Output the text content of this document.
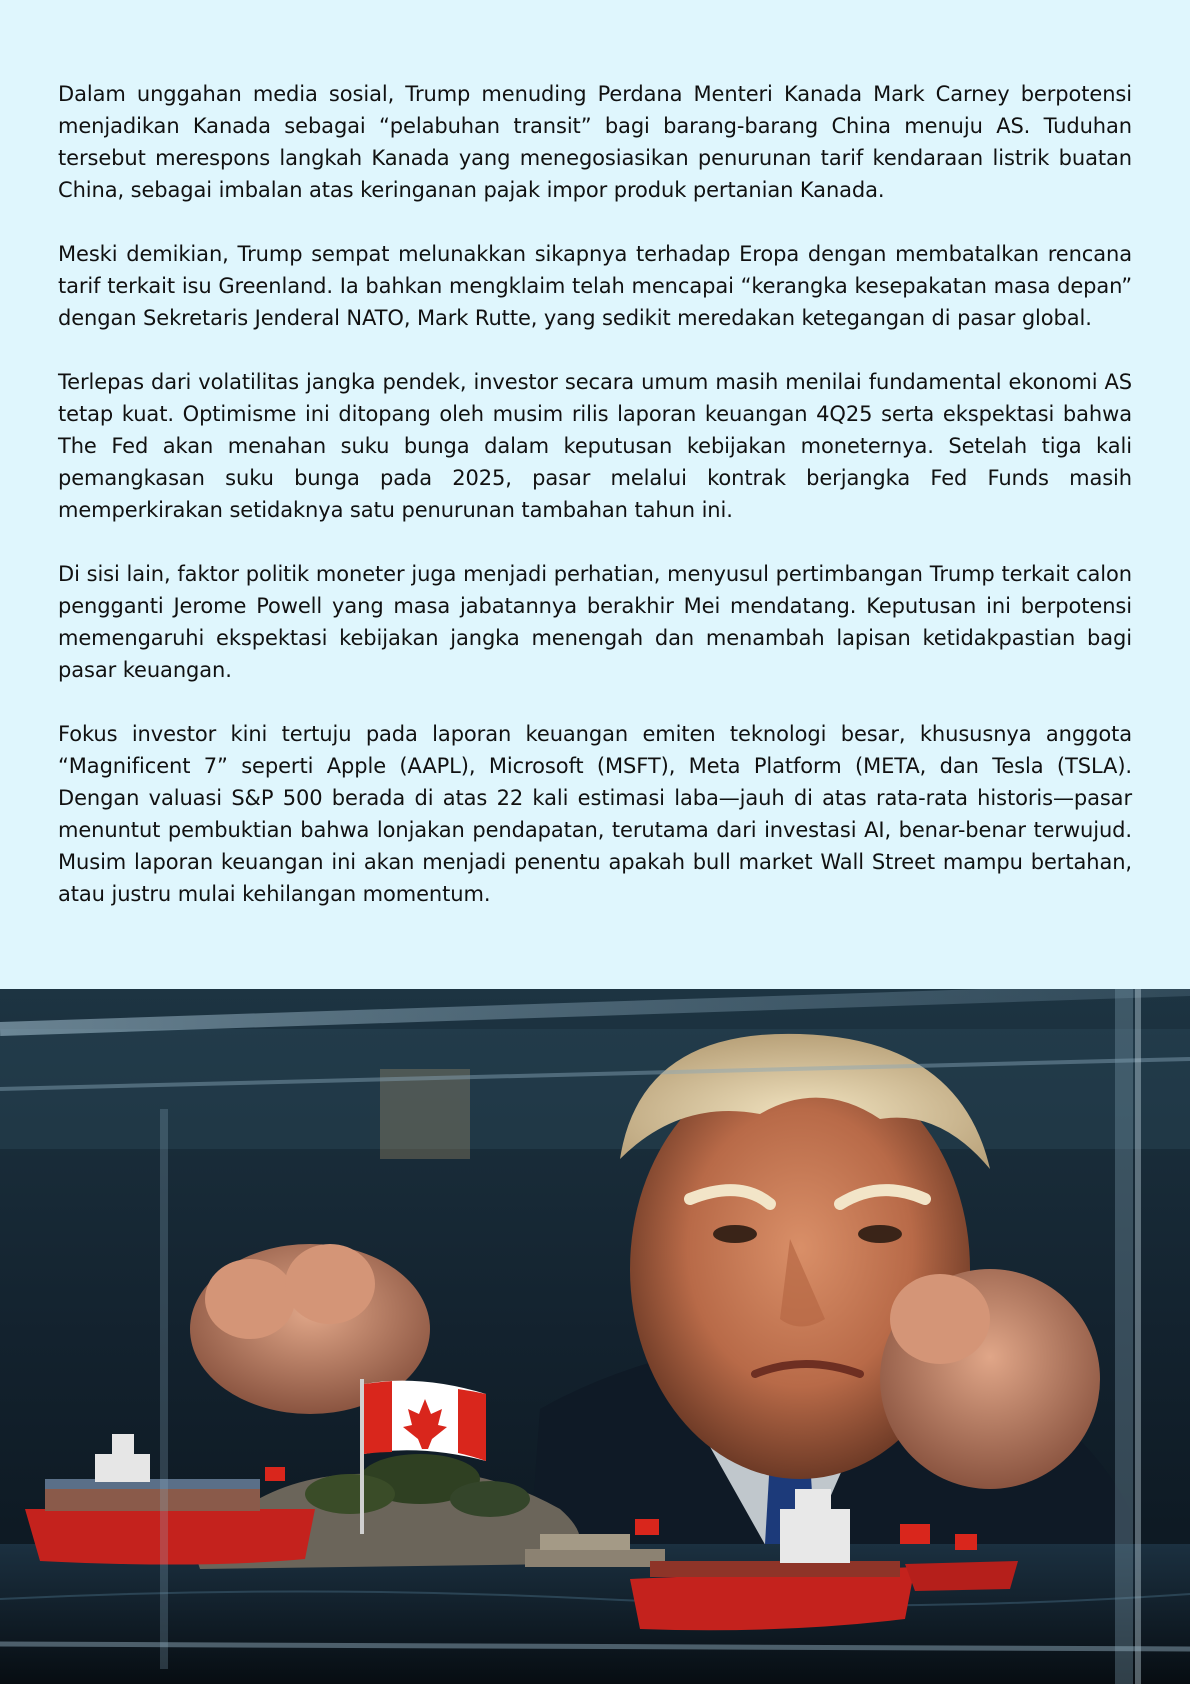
Dalam unggahan media sosial, Trump menuding Perdana Menteri Kanada Mark Carney berpotensi menjadikan Kanada sebagai “pelabuhan transit” bagi barang-barang China menuju AS. Tuduhan tersebut merespons langkah Kanada yang menegosiasikan penurunan tarif kendaraan listrik buatan China, sebagai imbalan atas keringanan pajak impor produk pertanian Kanada.

Meski demikian, Trump sempat melunakkan sikapnya terhadap Eropa dengan membatalkan rencana tarif terkait isu Greenland. Ia bahkan mengklaim telah mencapai “kerangka kesepakatan masa depan” dengan Sekretaris Jenderal NATO, Mark Rutte, yang sedikit meredakan ketegangan di pasar global.

Terlepas dari volatilitas jangka pendek, investor secara umum masih menilai fundamental ekonomi AS tetap kuat. Optimisme ini ditopang oleh musim rilis laporan keuangan 4Q25 serta ekspektasi bahwa The Fed akan menahan suku bunga dalam keputusan kebijakan moneternya. Setelah tiga kali pemangkasan suku bunga pada 2025, pasar melalui kontrak berjangka Fed Funds masih memperkirakan setidaknya satu penurunan tambahan tahun ini.

Di sisi lain, faktor politik moneter juga menjadi perhatian, menyusul pertimbangan Trump terkait calon pengganti Jerome Powell yang masa jabatannya berakhir Mei mendatang. Keputusan ini berpotensi memengaruhi ekspektasi kebijakan jangka menengah dan menambah lapisan ketidakpastian bagi pasar keuangan.

Fokus investor kini tertuju pada laporan keuangan emiten teknologi besar, khususnya anggota “Magnificent 7” seperti Apple (AAPL), Microsoft (MSFT), Meta Platform (META, dan Tesla (TSLA). Dengan valuasi S&P 500 berada di atas 22 kali estimasi laba—jauh di atas rata-rata historis—pasar menuntut pembuktian bahwa lonjakan pendapatan, terutama dari investasi AI, benar-benar terwujud. Musim laporan keuangan ini akan menjadi penentu apakah bull market Wall Street mampu bertahan, atau justru mulai kehilangan momentum.
